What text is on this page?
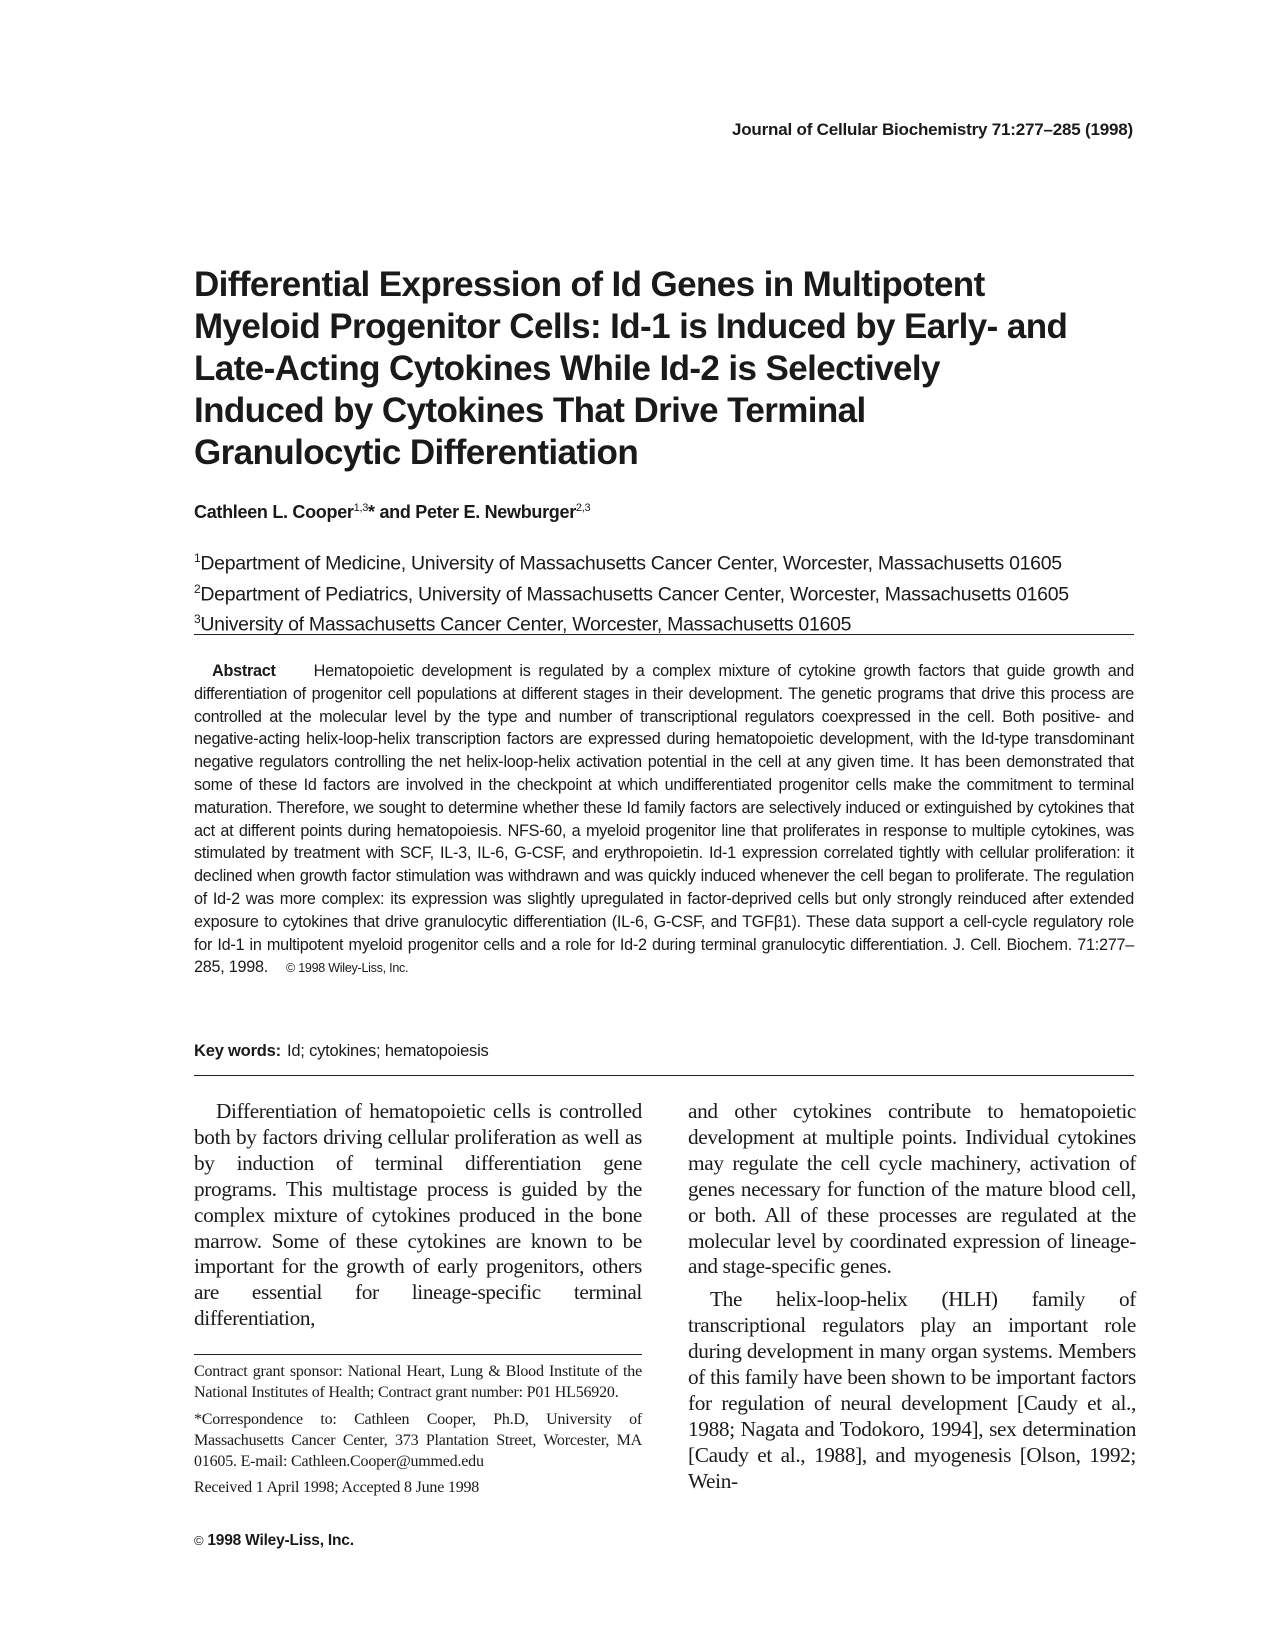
Journal of Cellular Biochemistry 71:277–285 (1998)
Differential Expression of Id Genes in Multipotent Myeloid Progenitor Cells: Id-1 is Induced by Early- and Late-Acting Cytokines While Id-2 is Selectively Induced by Cytokines That Drive Terminal Granulocytic Differentiation
Cathleen L. Cooper$^{1,3}$* and Peter E. Newburger$^{2,3}$
$^1$Department of Medicine, University of Massachusetts Cancer Center, Worcester, Massachusetts 01605
$^2$Department of Pediatrics, University of Massachusetts Cancer Center, Worcester, Massachusetts 01605
$^3$University of Massachusetts Cancer Center, Worcester, Massachusetts 01605

Abstract Hematopoietic development is regulated by a complex mixture of cytokine growth factors that guide growth and differentiation of progenitor cell populations at different stages in their development. The genetic programs that drive this process are controlled at the molecular level by the type and number of transcriptional regulators coexpressed in the cell. Both positive- and negative-acting helix-loop-helix transcription factors are expressed during hematopoietic development, with the Id-type transdominant negative regulators controlling the net helix-loop-helix activation potential in the cell at any given time. It has been demonstrated that some of these Id factors are involved in the checkpoint at which undifferentiated progenitor cells make the commitment to terminal maturation. Therefore, we sought to determine whether these Id family factors are selectively induced or extinguished by cytokines that act at different points during hematopoiesis. NFS-60, a myeloid progenitor line that proliferates in response to multiple cytokines, was stimulated by treatment with SCF, IL-3, IL-6, G-CSF, and erythropoietin. Id-1 expression correlated tightly with cellular proliferation: it declined when growth factor stimulation was withdrawn and was quickly induced whenever the cell began to proliferate. The regulation of Id-2 was more complex: its expression was slightly upregulated in factor-deprived cells but only strongly reinduced after extended exposure to cytokines that drive granulocytic differentiation (IL-6, G-CSF, and TGFβ1). These data support a cell-cycle regulatory role for Id-1 in multipotent myeloid progenitor cells and a role for Id-2 during terminal granulocytic differentiation. J. Cell. Biochem. 71:277–285, 1998. © 1998 Wiley-Liss, Inc.

Key words: Id; cytokines; hematopoiesis

Differentiation of hematopoietic cells is controlled both by factors driving cellular proliferation as well as by induction of terminal differentiation gene programs. This multistage process is guided by the complex mixture of cytokines produced in the bone marrow. Some of these cytokines are known to be important for the growth of early progenitors, others are essential for lineage-specific terminal differentiation,

and other cytokines contribute to hematopoietic development at multiple points. Individual cytokines may regulate the cell cycle machinery, activation of genes necessary for function of the mature blood cell, or both. All of these processes are regulated at the molecular level by coordinated expression of lineage- and stage-specific genes.

The helix-loop-helix (HLH) family of transcriptional regulators play an important role during development in many organ systems. Members of this family have been shown to be important factors for regulation of neural development [Caudy et al., 1988; Nagata and Todokoro, 1994], sex determination [Caudy et al., 1988], and myogenesis [Olson, 1992; Wein-

Contract grant sponsor: National Heart, Lung & Blood Institute of the National Institutes of Health; Contract grant number: P01 HL56920.

*Correspondence to: Cathleen Cooper, Ph.D, University of Massachusetts Cancer Center, 373 Plantation Street, Worcester, MA 01605. E-mail: Cathleen.Cooper@ummed.edu

Received 1 April 1998; Accepted 8 June 1998

© 1998 Wiley-Liss, Inc.
